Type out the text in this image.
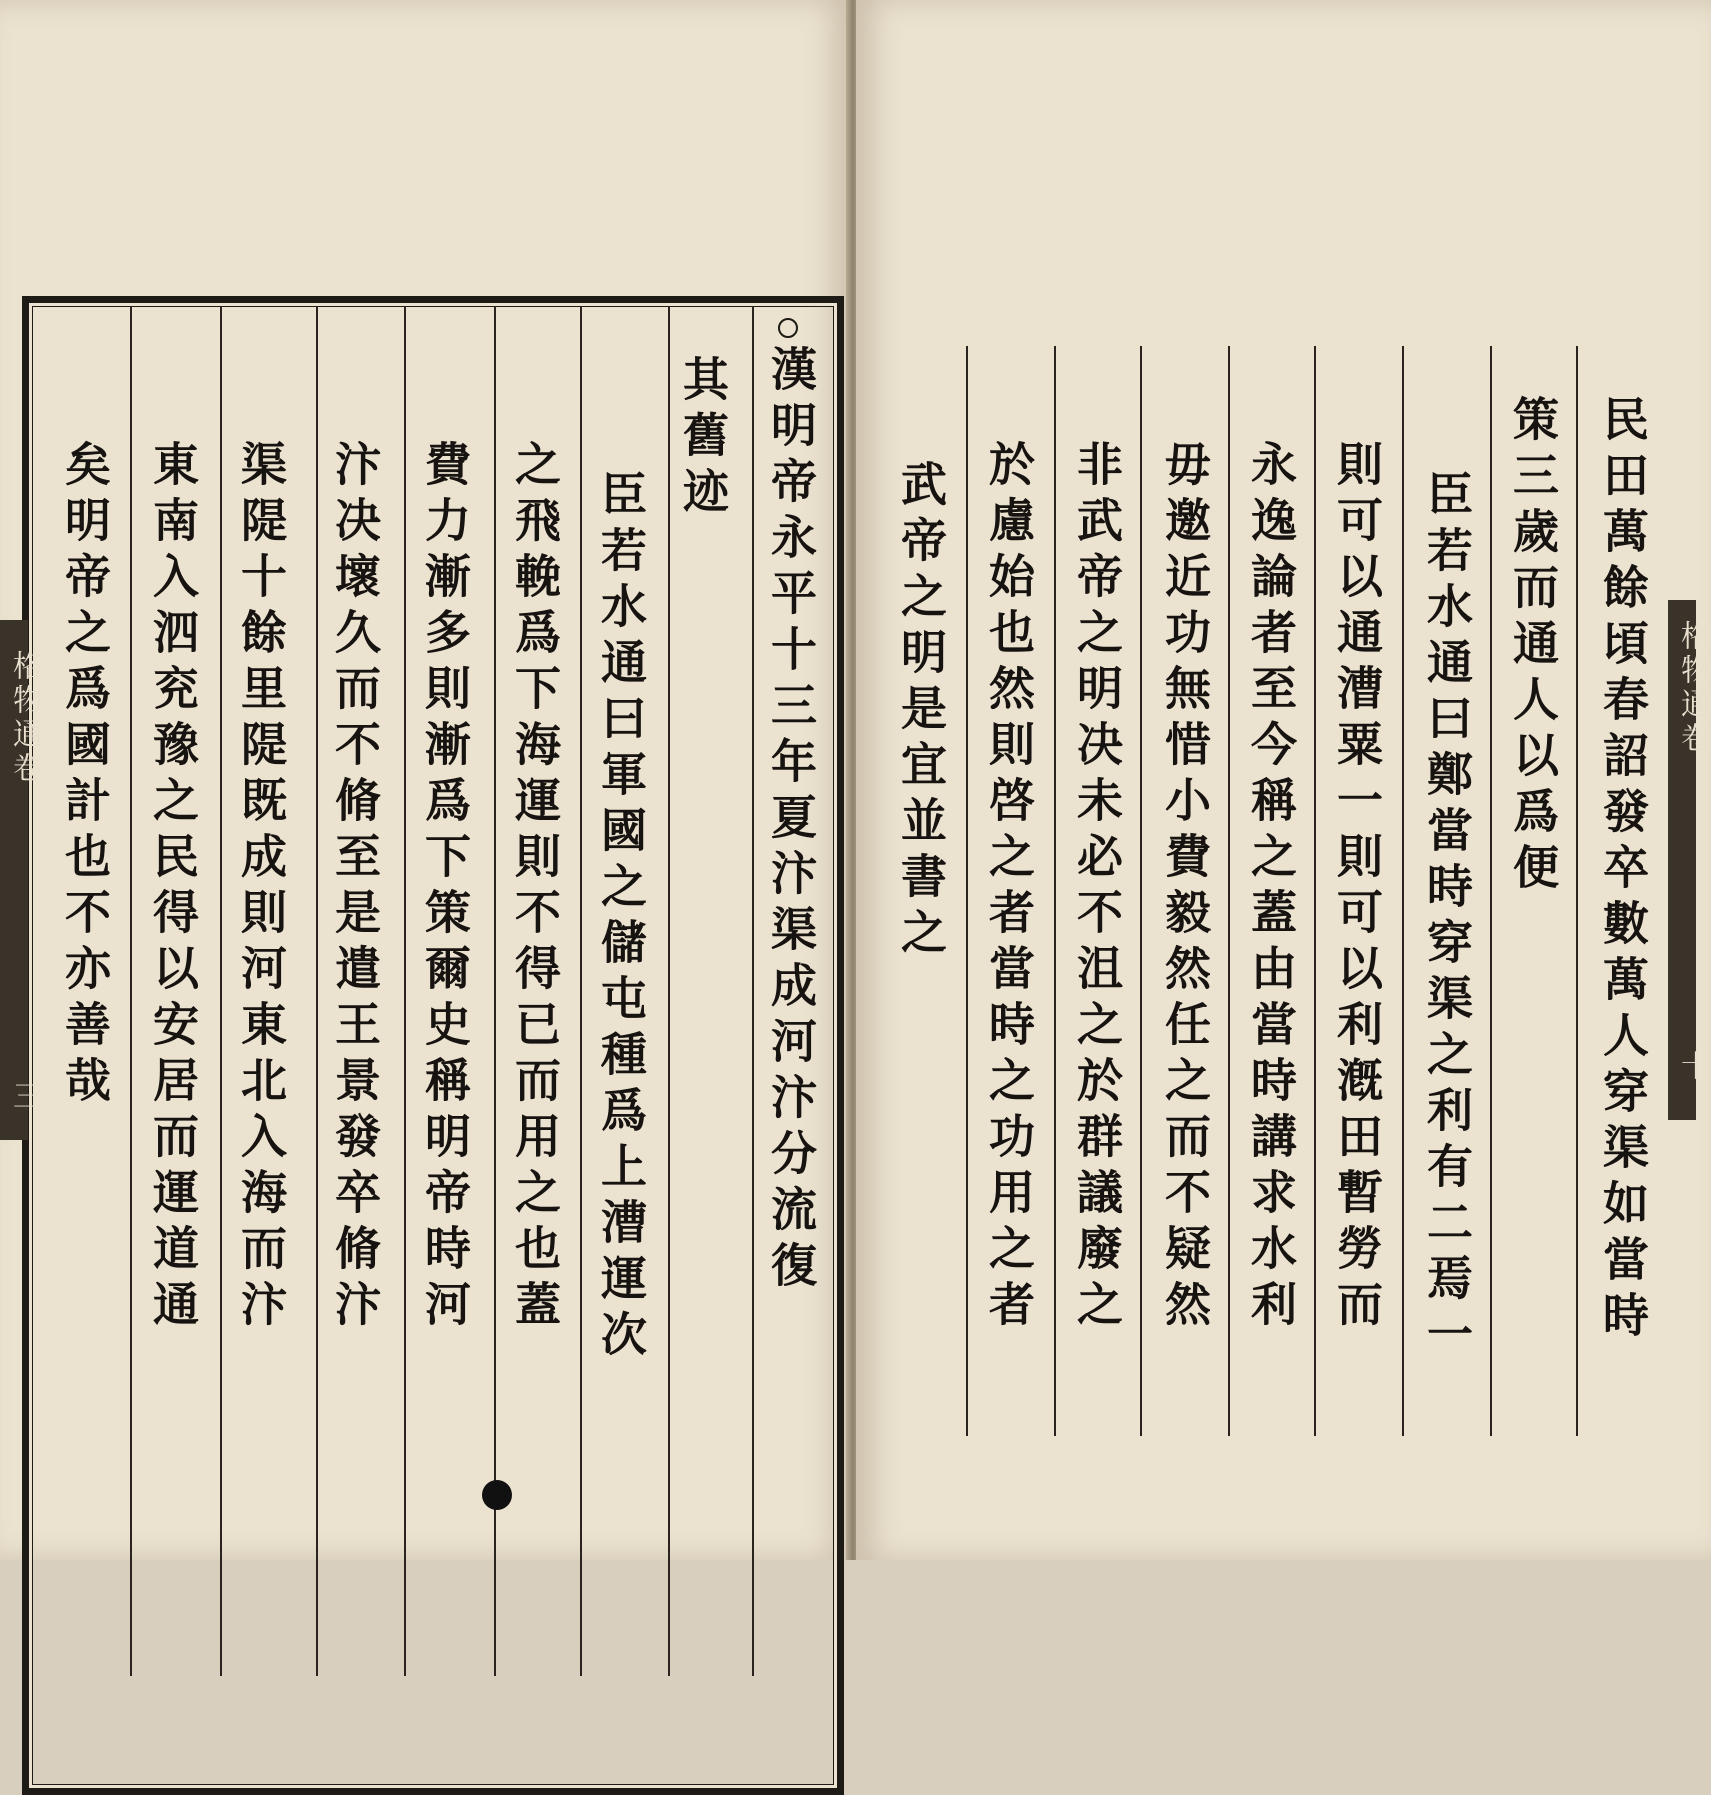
漢明帝永平十三年夏汴渠成河汴分流復
其舊迹
臣若水通曰軍國之儲屯種爲上漕運次
之飛輓爲下海運則不得已而用之也蓋
費力漸多則漸爲下策爾史稱明帝時河
汴决壞久而不脩至是遣王景發卒脩汴
渠隄十餘里隄既成則河東北入海而汴
東南入泗兖豫之民得以安居而運道通
矣明帝之爲國計也不亦善哉
格物通卷
三	民田萬餘頃春詔發卒數萬人穿渠如當時
策三歲而通人以爲便
臣若水通曰鄭當時穿渠之利有二焉一
則可以通漕粟一則可以利漑田暫勞而
永逸論者至今稱之蓋由當時講求水利
毋邀近功無惜小費毅然任之而不疑然
非武帝之明决未必不沮之於群議廢之
於慮始也然則啓之者當時之功用之者
武帝之明是宜並書之	格物通卷
十
